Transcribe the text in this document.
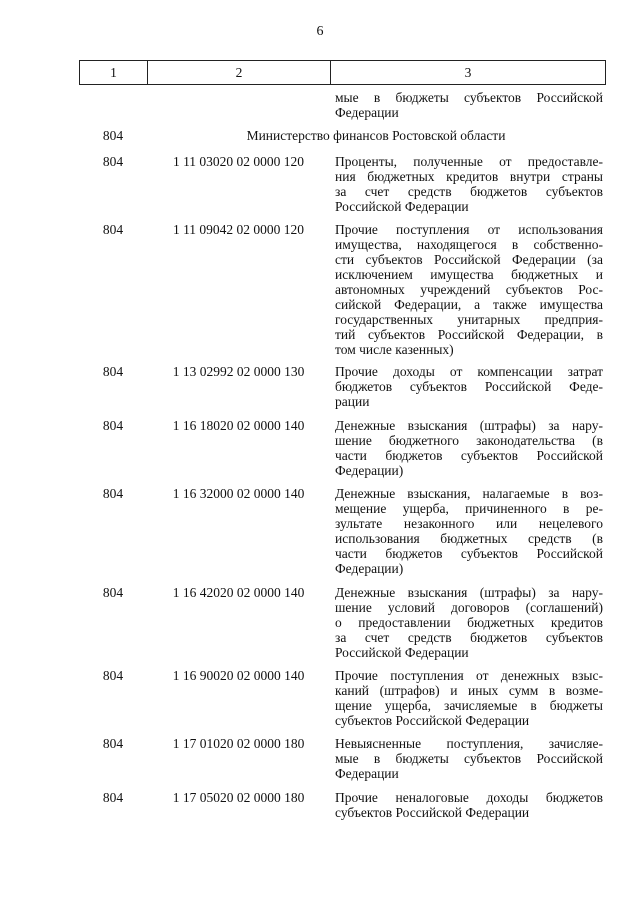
6
1	2	3
мые в бюджеты субъектов Российской
Федерации
804	Министерство финансов Ростовской области
804	1 11 03020 02 0000 120	Проценты, полученные от предоставле-
ния бюджетных кредитов внутри страны
за счет средств бюджетов субъектов
Российской Федерации
804	1 11 09042 02 0000 120	Прочие поступления от использования
имущества, находящегося в собственно-
сти субъектов Российской Федерации (за
исключением имущества бюджетных и
автономных учреждений субъектов Рос-
сийской Федерации, а также имущества
государственных унитарных предприя-
тий субъектов Российской Федерации, в
том числе казенных)
804	1 13 02992 02 0000 130	Прочие доходы от компенсации затрат
бюджетов субъектов Российской Феде-
рации
804	1 16 18020 02 0000 140	Денежные взыскания (штрафы) за нару-
шение бюджетного законодательства (в
части бюджетов субъектов Российской
Федерации)
804	1 16 32000 02 0000 140	Денежные взыскания, налагаемые в воз-
мещение ущерба, причиненного в ре-
зультате незаконного или нецелевого
использования бюджетных средств (в
части бюджетов субъектов Российской
Федерации)
804	1 16 42020 02 0000 140	Денежные взыскания (штрафы) за нару-
шение условий договоров (соглашений)
о предоставлении бюджетных кредитов
за счет средств бюджетов субъектов
Российской Федерации
804	1 16 90020 02 0000 140	Прочие поступления от денежных взыс-
каний (штрафов) и иных сумм в возме-
щение ущерба, зачисляемые в бюджеты
субъектов Российской Федерации
804	1 17 01020 02 0000 180	Невыясненные поступления, зачисляе-
мые в бюджеты субъектов Российской
Федерации
804	1 17 05020 02 0000 180	Прочие неналоговые доходы бюджетов
субъектов Российской Федерации
